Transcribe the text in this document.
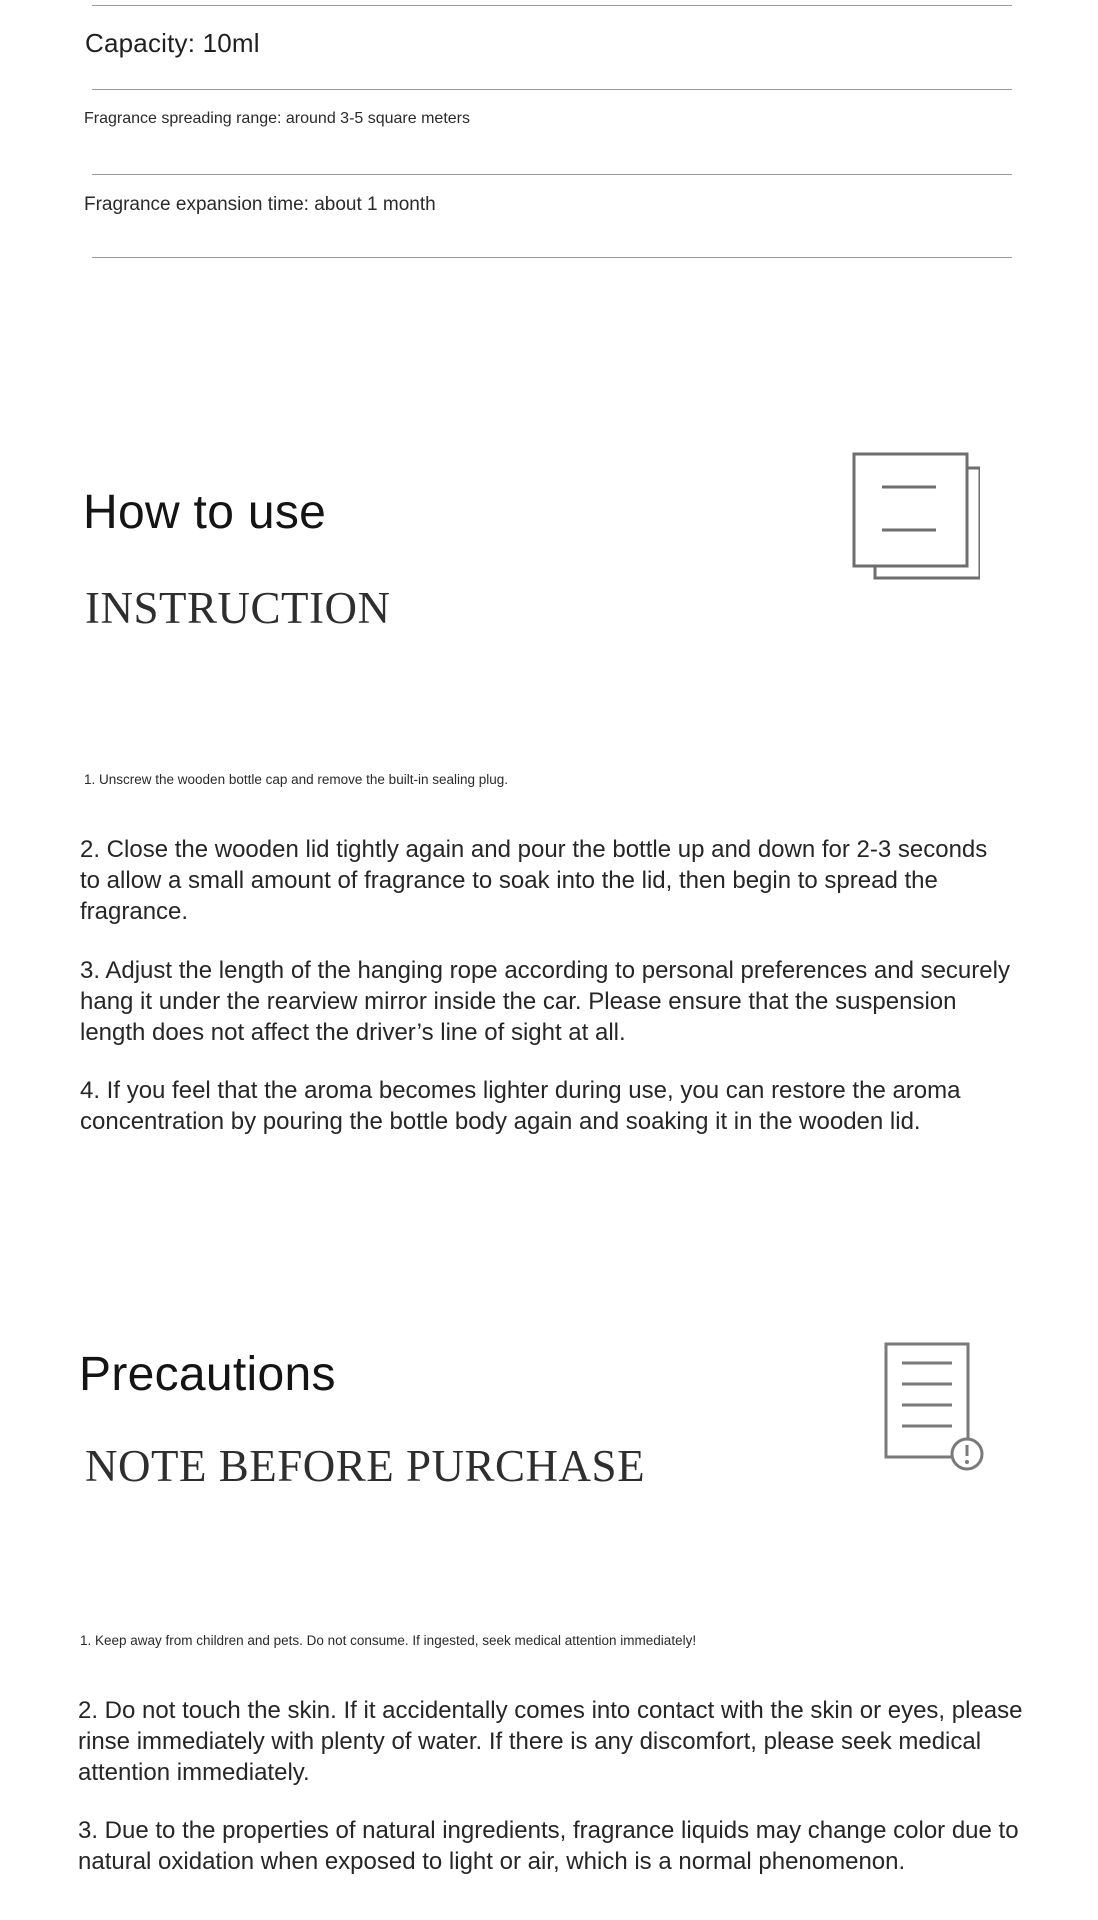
Capacity: 10ml
Fragrance spreading range: around 3-5 square meters
Fragrance expansion time: about 1 month
How to use
INSTRUCTION
1. Unscrew the wooden bottle cap and remove the built-in sealing plug.
2. Close the wooden lid tightly again and pour the bottle up and down for 2-3 seconds to allow a small amount of fragrance to soak into the lid, then begin to spread the fragrance.
3. Adjust the length of the hanging rope according to personal preferences and securely hang it under the rearview mirror inside the car. Please ensure that the suspension length does not affect the driver’s line of sight at all.
4. If you feel that the aroma becomes lighter during use, you can restore the aroma concentration by pouring the bottle body again and soaking it in the wooden lid.
Precautions
NOTE BEFORE PURCHASE
1. Keep away from children and pets. Do not consume. If ingested, seek medical attention immediately!
2. Do not touch the skin. If it accidentally comes into contact with the skin or eyes, please rinse immediately with plenty of water. If there is any discomfort, please seek medical attention immediately.
3. Due to the properties of natural ingredients, fragrance liquids may change color due to natural oxidation when exposed to light or air, which is a normal phenomenon.
